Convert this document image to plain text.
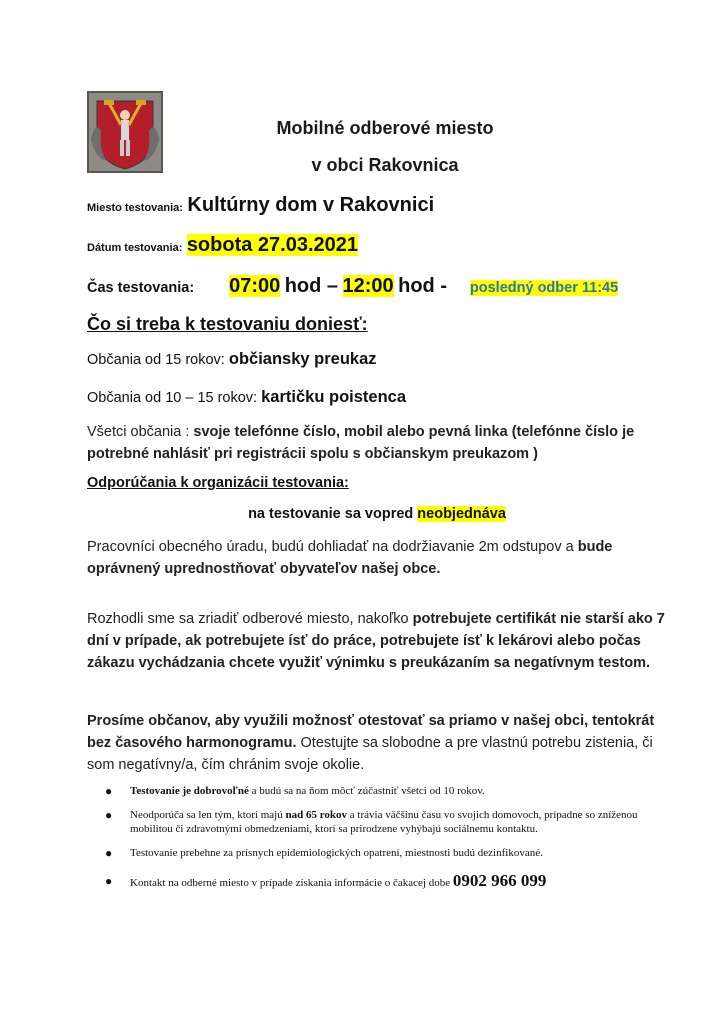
Mobilné odberové miesto
v obci Rakovnica
Miesto testovania: Kultúrny dom v Rakovnici
Dátum testovania: sobota 27.03.2021
Čas testovania: 07:00 hod – 12:00 hod - posledný odber 11:45
Čo si treba k testovaniu doniesť:
Občania od 15 rokov: občiansky preukaz
Občania od 10 – 15 rokov: kartičku poistenca
Všetci občania : svoje telefónne číslo, mobil alebo pevná linka (telefónne číslo je
potrebné nahlásiť pri registrácii spolu s občianskym preukazom )
Odporúčania k organizácii testovania:
na testovanie sa vopred neobjednáva
Pracovníci obecného úradu, budú dohliadať na dodržiavanie 2m odstupov a bude oprávnený uprednostňovať obyvateľov našej obce.
Rozhodli sme sa zriadiť odberové miesto, nakoľko potrebujete certifikát nie starší ako 7 dní v prípade, ak potrebujete ísť do práce, potrebujete ísť k lekárovi alebo počas zákazu vychádzania chcete využiť výnimku s preukázaním sa negatívnym testom.
Prosíme občanov, aby využili možnosť otestovať sa priamo v našej obci, tentokrát bez časového harmonogramu. Otestujte sa slobodne a pre vlastnú potrebu zistenia, či som negatívny/a, čím chránim svoje okolie.
● Testovanie je dobrovoľné a budú sa na ňom môcť zúčastniť všetci od 10 rokov.
● Neodporúča sa len tým, ktorí majú nad 65 rokov a trávia väčšinu času vo svojich domovoch, prípadne so zníženou mobilitou či zdravotnými obmedzeniami, ktorí sa prirodzene vyhýbajú sociálnemu kontaktu.
● Testovanie prebehne za prísnych epidemiologických opatrení, miestnosti budú dezinfikované.
● Kontakt na odberné miesto v prípade získania informácie o čakacej dobe 0902 966 099
